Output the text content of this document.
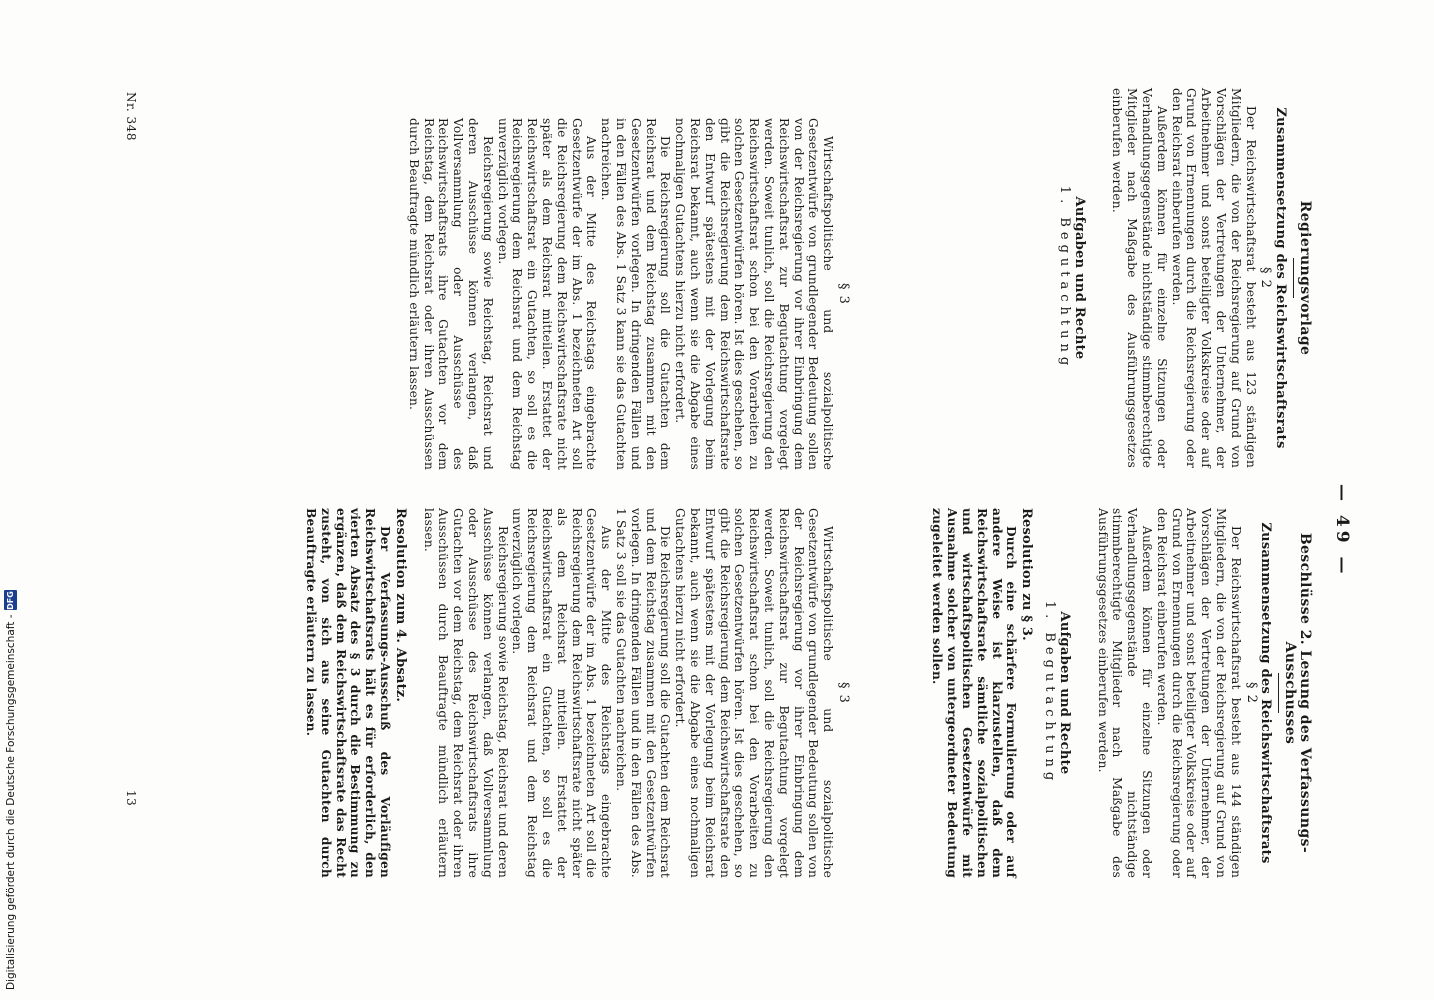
— 49 —
Nr. 348
13
Regierungsvorlage
Zusammensetzung des Reichswirtschaftsrats
§ 2

Der Reichswirtschaftsrat besteht aus 123 ständigen Mitgliedern, die von der Reichsregierung auf Grund von Vorschlägen der Vertretungen der Unternehmer, der Arbeitnehmer und sonst beteiligter Volkskreise oder auf Grund von Ernennungen durch die Reichsregierung oder den Reichsrat einberufen werden.

Außerdem können für einzelne Sitzungen oder Verhandlungsgegenstände nichtständige stimmberechtigte Mitglieder nach Maßgabe des Ausführungsgesetzes einberufen werden.

Aufgaben und Rechte
1. Begutachtung
§ 3

Wirtschaftspolitische und sozialpolitische Gesetzentwürfe von grundlegender Bedeutung sollen von der Reichsregierung vor ihrer Einbringung dem Reichswirtschaftsrat zur Begutachtung vorgelegt werden. Soweit tunlich, soll die Reichsregierung den Reichswirtschaftsrat schon bei den Vorarbeiten zu solchen Gesetzentwürfen hören. Ist dies geschehen, so gibt die Reichsregierung dem Reichswirtschaftsrate den Entwurf spätestens mit der Vorlegung beim Reichsrat bekannt, auch wenn sie die Abgabe eines nochmaligen Gutachtens hierzu nicht erfordert.

Die Reichsregierung soll die Gutachten dem Reichsrat und dem Reichstag zusammen mit den Gesetzentwürfen vorlegen. In dringenden Fällen und in den Fällen des Abs. 1 Satz 3 kann sie das Gutachten nachreichen.

Aus der Mitte des Reichstags eingebrachte Gesetzentwürfe der im Abs. 1 bezeichneten Art soll die Reichsregierung dem Reichswirtschaftsrate nicht später als dem Reichsrat mitteilen. Erstattet der Reichswirtschaftsrat ein Gutachten, so soll es die Reichsregierung dem Reichsrat und dem Reichstag unverzüglich vorlegen.

Reichsregierung sowie Reichstag, Reichsrat und deren Ausschüsse können verlangen, daß Vollversammlung oder Ausschüsse des Reichswirtschaftsrats ihre Gutachten vor dem Reichstag, dem Reichsrat oder ihren Ausschüssen durch Beauftragte mündlich erläutern lassen.

Beschlüsse 2. Lesung des Verfassungs-Ausschusses
Zusammensetzung des Reichswirtschaftsrats
§ 2

Der Reichswirtschaftsrat besteht aus 144 ständigen Mitgliedern, die von der Reichsregierung auf Grund von Vorschlägen der Vertretungen der Unternehmer, der Arbeitnehmer und sonst beteiligter Volkskreise oder auf Grund von Ernennungen durch die Reichsregierung oder den Reichsrat einberufen werden.

Außerdem können für einzelne Sitzungen oder Verhandlungsgegenstände nichtständige stimmberechtigte Mitglieder nach Maßgabe des Ausführungsgesetzes einberufen werden.

Aufgaben und Rechte
1. Begutachtung
Resolution zu § 3.

Durch eine schärfere Formulierung oder auf andere Weise ist klarzustellen, daß dem Reichswirtschaftsrate sämtliche sozialpolitischen und wirtschaftspolitischen Gesetzentwürfe mit Ausnahme solcher von untergeordneter Bedeutung zugeleitet werden sollen.

§ 3

Wirtschaftspolitische und sozialpolitische Gesetzentwürfe von grundlegender Bedeutung sollen von der Reichsregierung vor ihrer Einbringung dem Reichswirtschaftsrat zur Begutachtung vorgelegt werden. Soweit tunlich, soll die Reichsregierung den Reichswirtschaftsrat schon bei den Vorarbeiten zu solchen Gesetzentwürfen hören. Ist dies geschehen, so gibt die Reichsregierung dem Reichswirtschaftsrate den Entwurf spätestens mit der Vorlegung beim Reichsrat bekannt, auch wenn sie die Abgabe eines nochmaligen Gutachtens hierzu nicht erfordert.

Die Reichsregierung soll die Gutachten dem Reichsrat und dem Reichstag zusammen mit den Gesetzentwürfen vorlegen. In dringenden Fällen und in den Fällen des Abs. 1 Satz 3 soll sie das Gutachten nachreichen.

Aus der Mitte des Reichstags eingebrachte Gesetzentwürfe der im Abs. 1 bezeichneten Art soll die Reichsregierung dem Reichswirtschaftsrate nicht später als dem Reichsrat mitteilen. Erstattet der Reichswirtschaftsrat ein Gutachten, so soll es die Reichsregierung dem Reichsrat und dem Reichstag unverzüglich vorlegen.

Reichsregierung sowie Reichstag, Reichsrat und deren Ausschüsse können verlangen, daß Vollversammlung oder Ausschüsse des Reichswirtschaftsrats ihre Gutachten vor dem Reichstag, dem Reichsrat oder ihren Ausschüssen durch Beauftragte mündlich erläutern lassen.

Resolution zum 4. Absatz.

Der Verfassungs-Ausschuß des Vorläufigen Reichswirtschaftsrats hält es für erforderlich, den vierten Absatz des § 3 durch die Bestimmung zu ergänzen, daß dem Reichswirtschaftsrate das Recht zusteht, von sich aus seine Gutachten durch Beauftragte erläutern zu lassen.

Digitalisierung gefördert durch die Deutsche Forschungsgemeinschaft -
DFG
